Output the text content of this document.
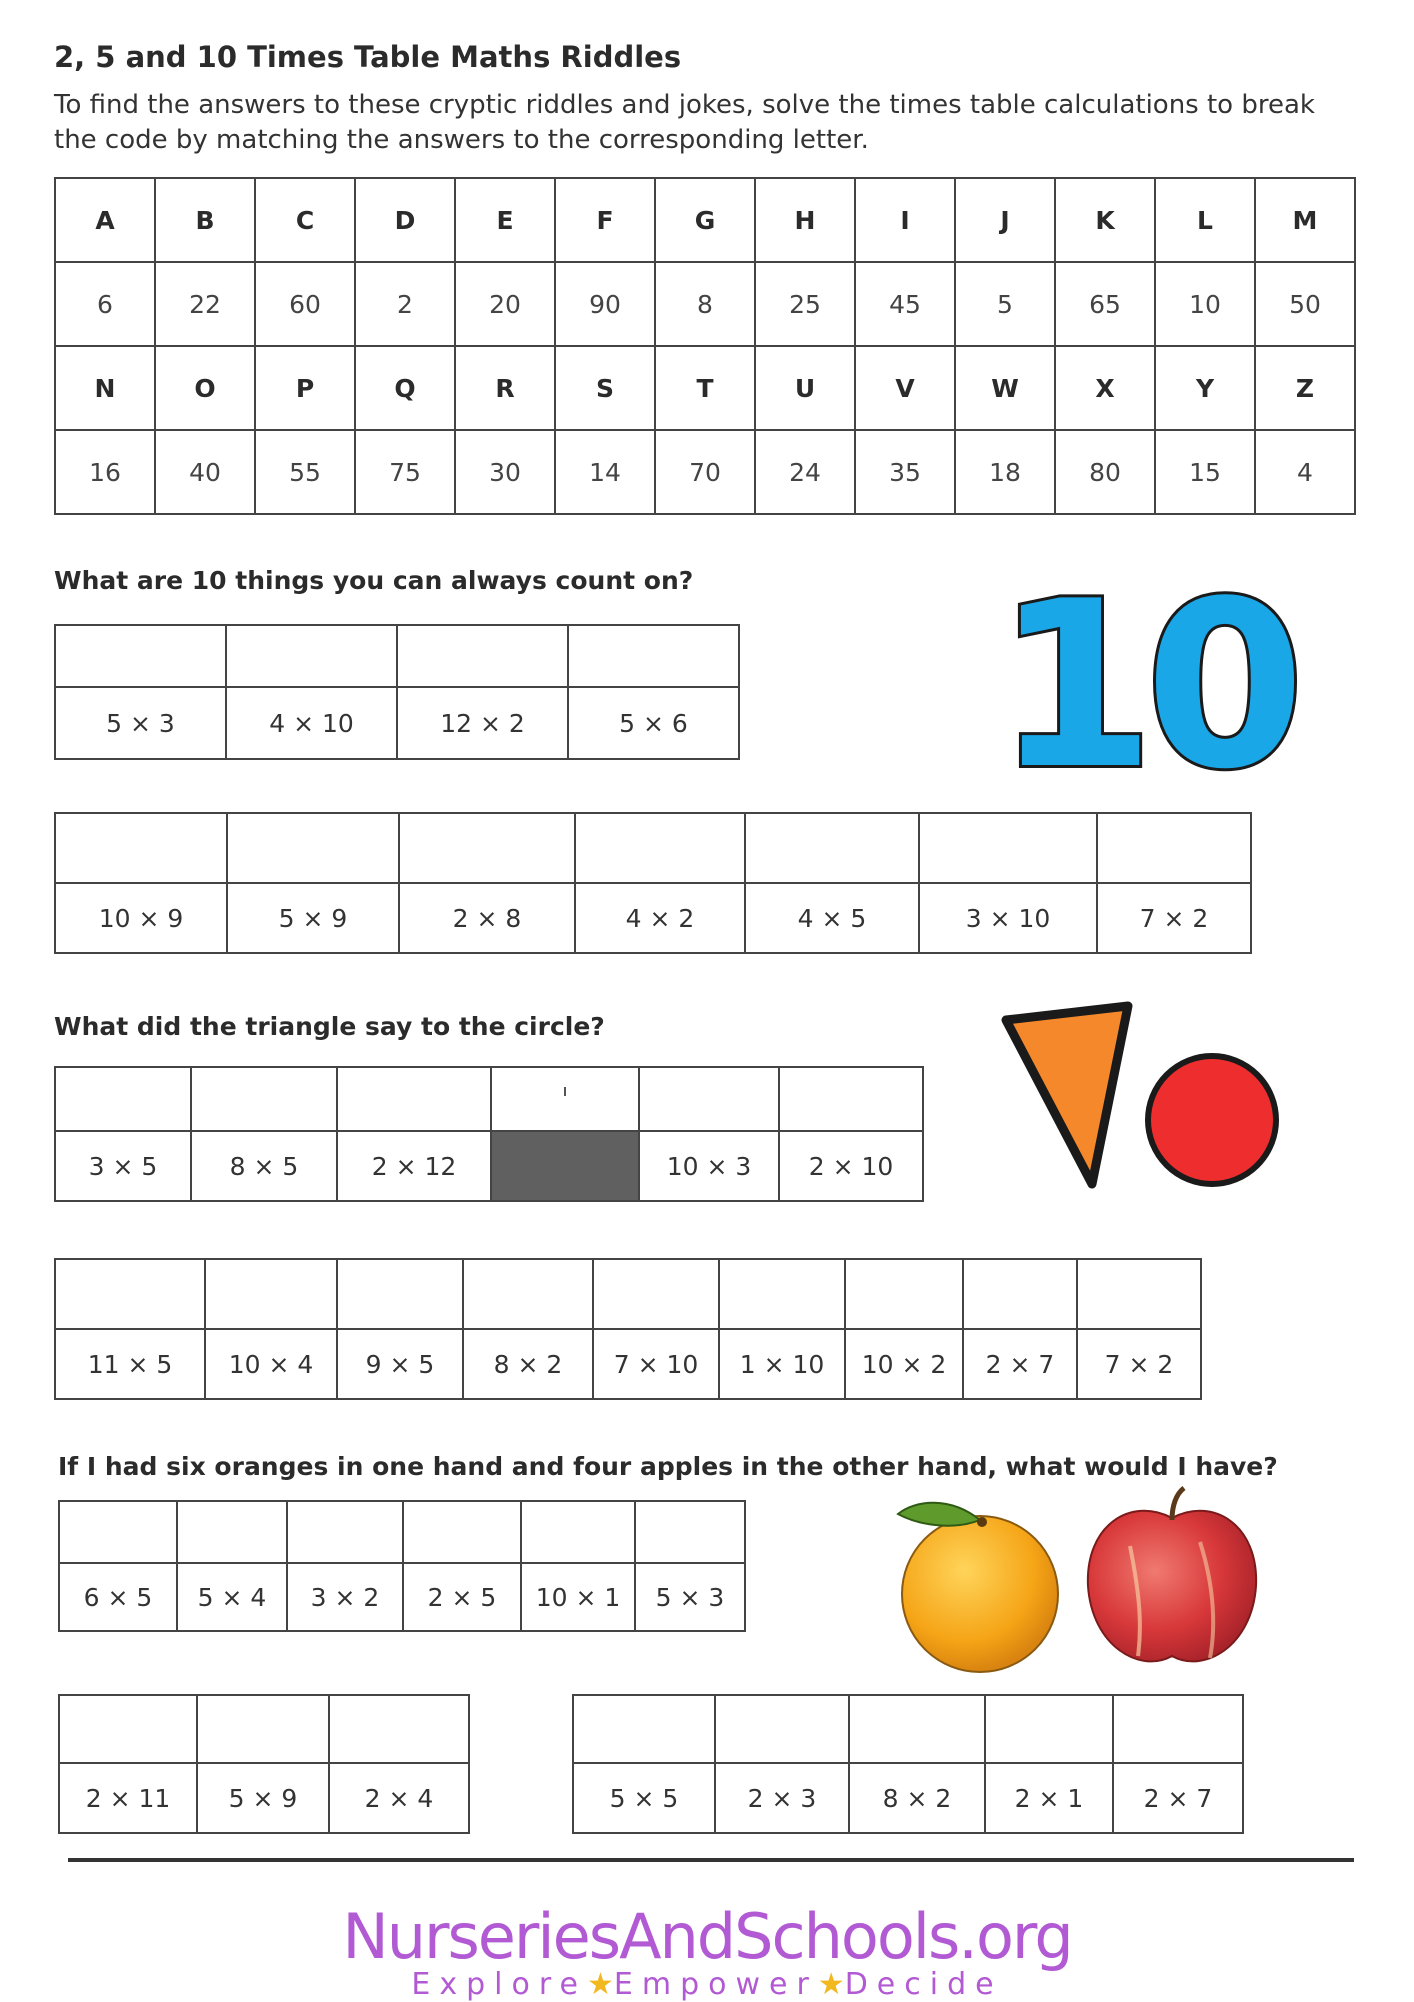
2, 5 and 10 Times Table Maths Riddles
To find the answers to these cryptic riddles and jokes, solve the times table calculations to break the code by matching the answers to the corresponding letter.
A	B	C	D	E	F	G	H	I	J	K	L	M
6	22	60	2	20	90	8	25	45	5	65	10	50
N	O	P	Q	R	S	T	U	V	W	X	Y	Z
16	40	55	75	30	14	70	24	35	18	80	15	4
What are 10 things you can always count on?

5 × 3	4 × 10	12 × 2	5 × 6

10 × 9	5 × 9	2 × 8	4 × 2	4 × 5	3 × 10	7 × 2
10
What did the triangle say to the circle?

3 × 5	8 × 5	2 × 12		10 × 3	2 × 10

11 × 5	10 × 4	9 × 5	8 × 2	7 × 10	1 × 10	10 × 2	2 × 7	7 × 2
If I had six oranges in one hand and four apples in the other hand, what would I have?

6 × 5	5 × 4	3 × 2	2 × 5	10 × 1	5 × 3

2 × 11	5 × 9	2 × 4
					5 × 5	2 × 3	8 × 2	2 × 1	2 × 7
NurseriesAndSchools.org
Explore★Empower★Decide
